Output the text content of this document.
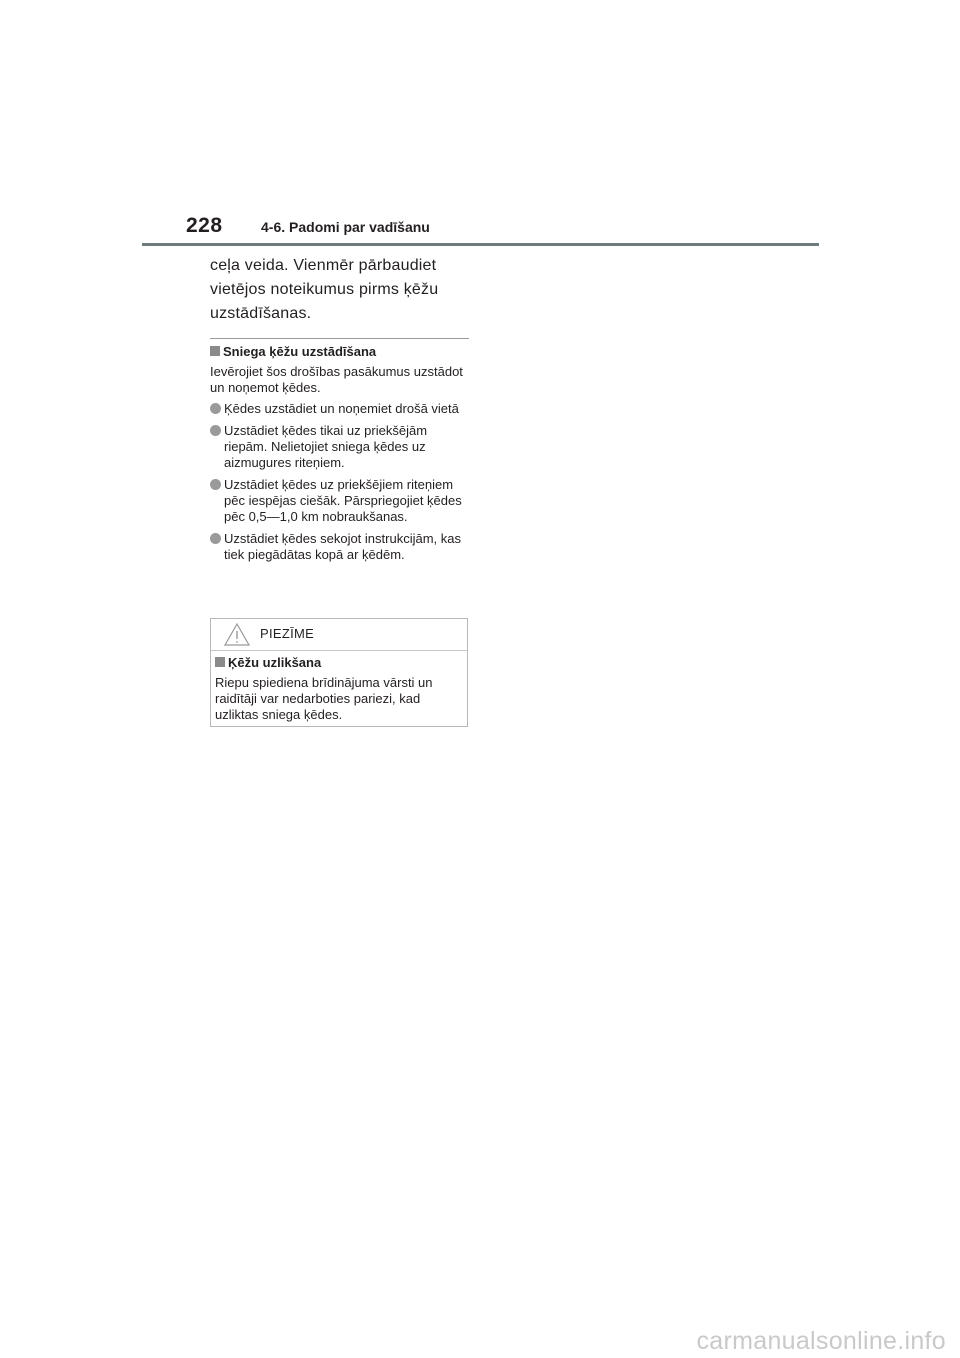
228	4-6. Padomi par vadīšanu

ceļa veida. Vienmēr pārbaudiet
vietējos noteikumus pirms ķēžu
uzstādīšanas.

Sniega ķēžu uzstādīšana

Ievērojiet šos drošības pasākumus uzstādot un noņemot ķēdes.

Ķēdes uzstādiet un noņemiet drošā vietā
Uzstādiet ķēdes tikai uz priekšējām riepām. Nelietojiet sniega ķēdes uz aizmugures riteņiem.
Uzstādiet ķēdes uz priekšējiem riteņiem pēc iespējas ciešāk. Pārspriegojiet ķēdes pēc 0,5—1,0 km nobraukšanas.
Uzstādiet ķēdes sekojot instrukcijām, kas tiek piegādātas kopā ar ķēdēm.
PIEZĪME

Ķēžu uzlikšana

Riepu spiediena brīdinājuma vārsti un raidītāji var nedarboties pariezi, kad uzliktas sniega ķēdes.

carmanualsonline.info
